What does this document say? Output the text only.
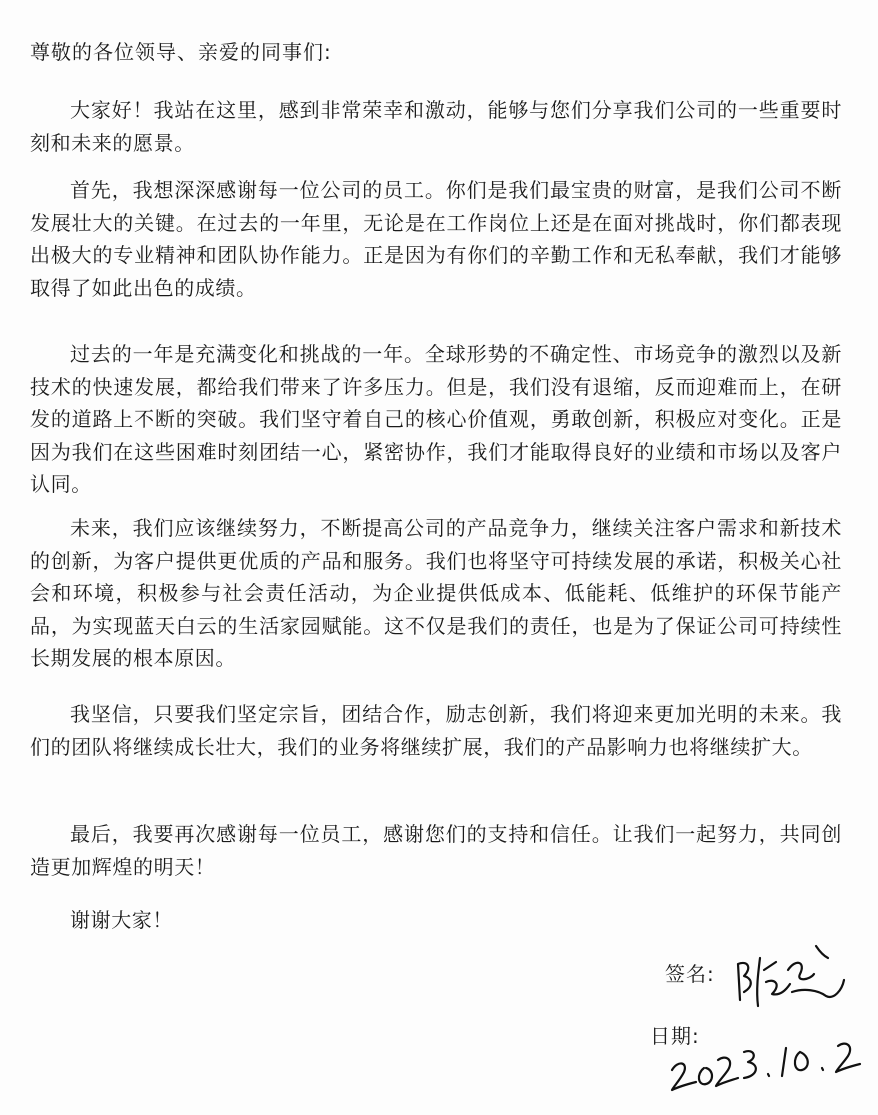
尊敬的各位领导、亲爱的同事们:

大家好！我站在这里，感到非常荣幸和激动，能够与您们分享我们公司的一些重要时刻和未来的愿景。

首先，我想深深感谢每一位公司的员工。你们是我们最宝贵的财富，是我们公司不断发展壮大的关键。在过去的一年里，无论是在工作岗位上还是在面对挑战时，你们都表现出极大的专业精神和团队协作能力。正是因为有你们的辛勤工作和无私奉献，我们才能够取得了如此出色的成绩。

过去的一年是充满变化和挑战的一年。全球形势的不确定性、市场竞争的激烈以及新技术的快速发展，都给我们带来了许多压力。但是，我们没有退缩，反而迎难而上，在研发的道路上不断的突破。我们坚守着自己的核心价值观，勇敢创新，积极应对变化。正是因为我们在这些困难时刻团结一心，紧密协作，我们才能取得良好的业绩和市场以及客户认同。

未来，我们应该继续努力，不断提高公司的产品竞争力，继续关注客户需求和新技术的创新，为客户提供更优质的产品和服务。我们也将坚守可持续发展的承诺，积极关心社会和环境，积极参与社会责任活动，为企业提供低成本、低能耗、低维护的环保节能产品，为实现蓝天白云的生活家园赋能。这不仅是我们的责任，也是为了保证公司可持续性长期发展的根本原因。

我坚信，只要我们坚定宗旨，团结合作，励志创新，我们将迎来更加光明的未来。我们的团队将继续成长壮大，我们的业务将继续扩展，我们的产品影响力也将继续扩大。

最后，我要再次感谢每一位员工，感谢您们的支持和信任。让我们一起努力，共同创造更加辉煌的明天！

谢谢大家！

签名:
日期:
